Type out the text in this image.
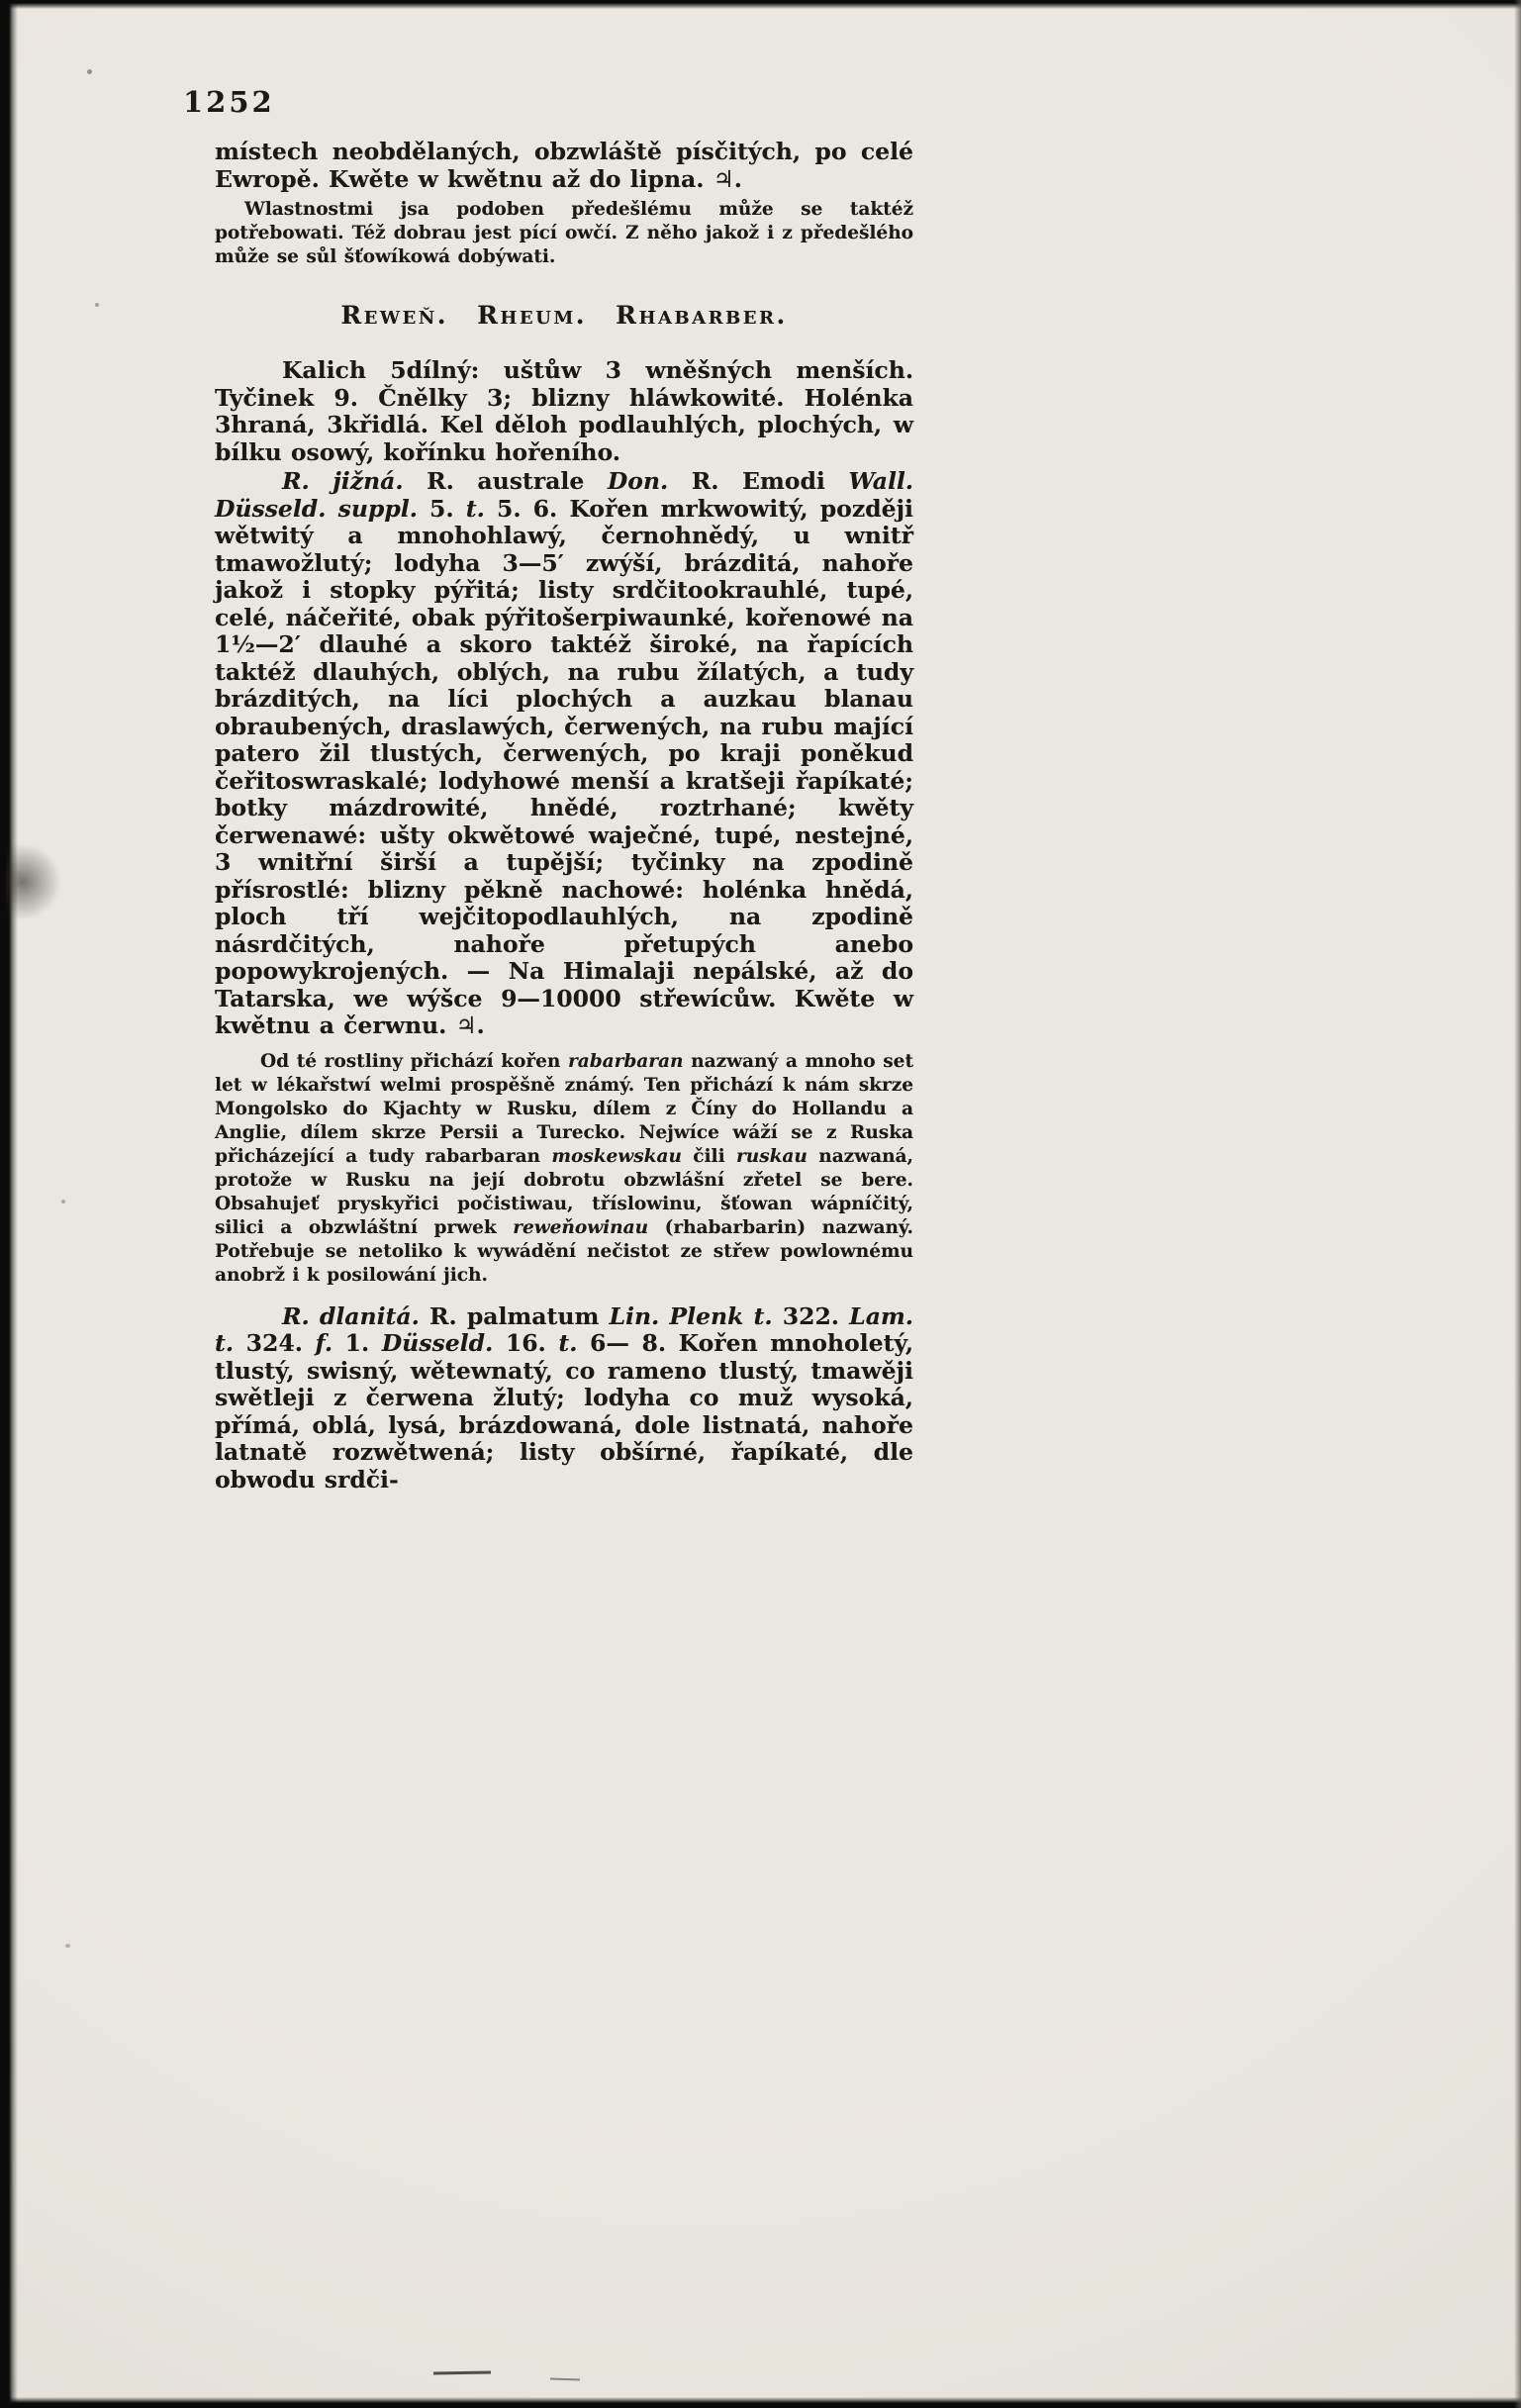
1252

místech neobdělaných, obzwláště písčitých, po celé Ewropě. Kwěte w kwětnu až do lipna. ♃.

Wlastnostmi jsa podoben předešlému může se taktéž potřebowati. Též dobrau jest pící owčí. Z něho jakož i z předešlého může se sůl šťowíkowá dobýwati.

Reweň. Rheum. Rhabarber.

Kalich 5dílný: uštůw 3 wněšných menších. Tyčinek 9. Čnělky 3; blizny hláwkowité. Holénka 3hraná, 3křidlá. Kel děloh podlauhlých, plochých, w bílku osowý, kořínku hořeního.

R. jižná. R. australe Don. R. Emodi Wall. Düsseld. suppl. 5. t. 5. 6. Kořen mrkwowitý, později wětwitý a mnohohlawý, černohnědý, u wnitř tmawožlutý; lodyha 3—5′ zwýší, brázditá, nahoře jakož i stopky pýřitá; listy srdčitookrauhlé, tupé, celé, náčeřité, obak pýřitošerpiwaunké, kořenowé na 1½—2′ dlauhé a skoro taktéž široké, na řapících taktéž dlauhých, oblých, na rubu žílatých, a tudy brázditých, na líci plochých a auzkau blanau obraubených, draslawých, čerwených, na rubu mající patero žil tlustých, čerwených, po kraji poněkud čeřitoswraskalé; lodyhowé menší a kratšeji řapíkaté; botky mázdrowité, hnědé, roztrhané; kwěty čerwenawé: ušty okwětowé waječné, tupé, nestejné, 3 wnitřní širší a tupější; tyčinky na zpodině přísrostlé: blizny pěkně nachowé: holénka hnědá, ploch tří wejčitopodlauhlých, na zpodině násrdčitých, nahoře přetupých anebo popowykrojených. — Na Himalaji nepálské, až do Tatarska, we wýšce 9—10000 střewícůw. Kwěte w kwětnu a čerwnu. ♃.

Od té rostliny přichází kořen rabarbaran nazwaný a mnoho set let w lékařstwí welmi prospěšně známý. Ten přichází k nám skrze Mongolsko do Kjachty w Rusku, dílem z Číny do Hollandu a Anglie, dílem skrze Persii a Turecko. Nejwíce wáží se z Ruska přicházející a tudy rabarbaran moskewskau čili ruskau nazwaná, protože w Rusku na její dobrotu obzwlášní zřetel se bere. Obsahujeť pryskyřici počistiwau, tříslowinu, šťowan wápníčitý, silici a obzwláštní prwek reweňowinau (rhabarbarin) nazwaný. Potřebuje se netoliko k wywádění nečistot ze střew powlownému anobrž i k posilowání jich.

R. dlanitá. R. palmatum Lin. Plenk t. 322. Lam. t. 324. f. 1. Düsseld. 16. t. 6— 8. Kořen mnoholetý, tlustý, swisný, wětewnatý, co rameno tlustý, tmawěji swětleji z čerwena žlutý; lodyha co muž wysoká, přímá, oblá, lysá, brázdowaná, dole listnatá, nahoře latnatě rozwětwená; listy obšírné, řapíkaté, dle obwodu srdči-
